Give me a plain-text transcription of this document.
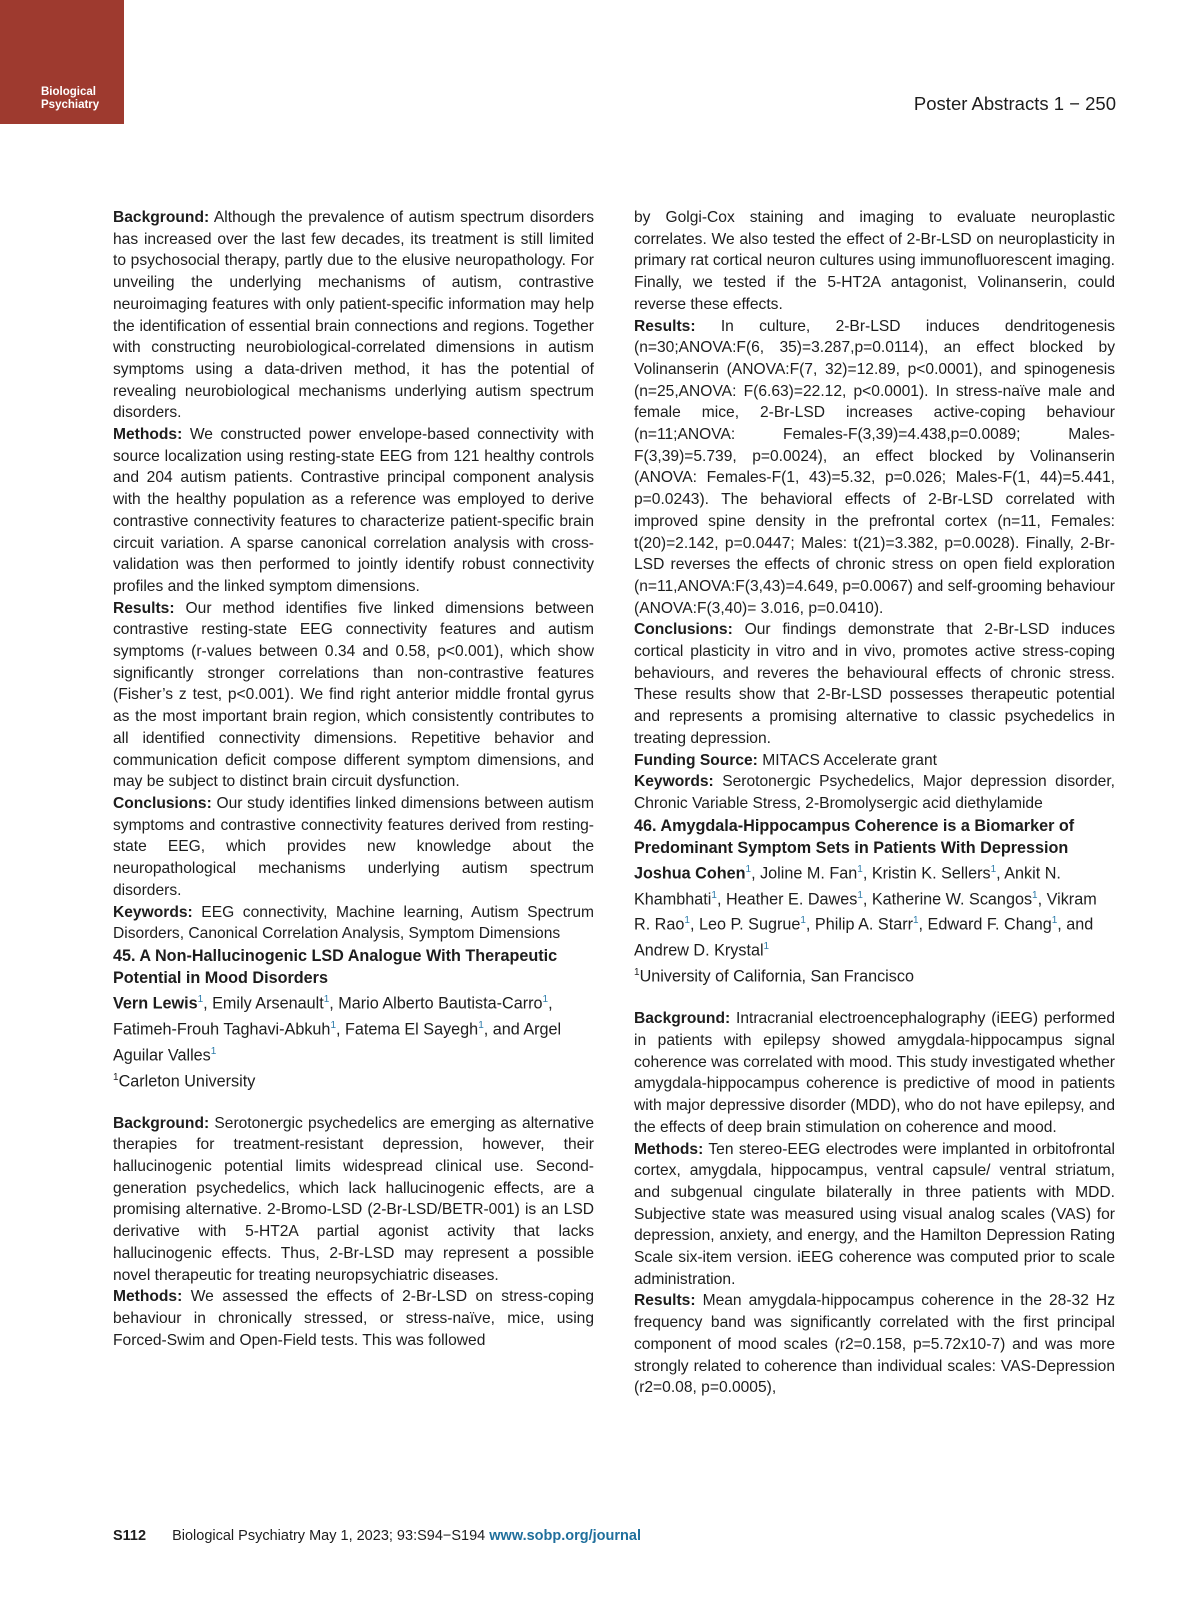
Biological
Psychiatry	Poster Abstracts 1 − 250

Background: Although the prevalence of autism spectrum disorders has increased over the last few decades, its treatment is still limited to psychosocial therapy, partly due to the elusive neuropathology. For unveiling the underlying mechanisms of autism, contrastive neuroimaging features with only patient-specific information may help the identification of essential brain connections and regions. Together with constructing neurobiological-correlated dimensions in autism symptoms using a data-driven method, it has the potential of revealing neurobiological mechanisms underlying autism spectrum disorders.

Methods: We constructed power envelope-based connectivity with source localization using resting-state EEG from 121 healthy controls and 204 autism patients. Contrastive principal component analysis with the healthy population as a reference was employed to derive contrastive connectivity features to characterize patient-specific brain circuit variation. A sparse canonical correlation analysis with cross-validation was then performed to jointly identify robust connectivity profiles and the linked symptom dimensions.

Results: Our method identifies five linked dimensions between contrastive resting-state EEG connectivity features and autism symptoms (r-values between 0.34 and 0.58, p<0.001), which show significantly stronger correlations than non-contrastive features (Fisher’s z test, p<0.001). We find right anterior middle frontal gyrus as the most important brain region, which consistently contributes to all identified connectivity dimensions. Repetitive behavior and communication deficit compose different symptom dimensions, and may be subject to distinct brain circuit dysfunction.

Conclusions: Our study identifies linked dimensions between autism symptoms and contrastive connectivity features derived from resting-state EEG, which provides new knowledge about the neuropathological mechanisms underlying autism spectrum disorders.

Keywords: EEG connectivity, Machine learning, Autism Spectrum Disorders, Canonical Correlation Analysis, Symptom Dimensions

45. A Non-Hallucinogenic LSD Analogue With Therapeutic Potential in Mood Disorders

Vern Lewis$^1$, Emily Arsenault$^1$, Mario Alberto Bautista-Carro$^1$, Fatimeh-Frouh Taghavi-Abkuh$^1$, Fatema El Sayegh$^1$, and Argel Aguilar Valles$^1$

$^1$Carleton University

Background: Serotonergic psychedelics are emerging as alternative therapies for treatment-resistant depression, however, their hallucinogenic potential limits widespread clinical use. Second-generation psychedelics, which lack hallucinogenic effects, are a promising alternative. 2-Bromo-LSD (2-Br-LSD/BETR-001) is an LSD derivative with 5-HT2A partial agonist activity that lacks hallucinogenic effects. Thus, 2-Br-LSD may represent a possible novel therapeutic for treating neuropsychiatric diseases.

Methods: We assessed the effects of 2-Br-LSD on stress-coping behaviour in chronically stressed, or stress-naïve, mice, using Forced-Swim and Open-Field tests. This was followed

by Golgi-Cox staining and imaging to evaluate neuroplastic correlates. We also tested the effect of 2-Br-LSD on neuroplasticity in primary rat cortical neuron cultures using immunofluorescent imaging. Finally, we tested if the 5-HT2A antagonist, Volinanserin, could reverse these effects.

Results: In culture, 2-Br-LSD induces dendritogenesis (n=30;ANOVA:F(6, 35)=3.287,p=0.0114), an effect blocked by Volinanserin (ANOVA:F(7, 32)=12.89, p<0.0001), and spinogenesis (n=25,ANOVA: F(6.63)=22.12, p<0.0001). In stress-naïve male and female mice, 2-Br-LSD increases active-coping behaviour (n=11;ANOVA: Females-F(3,39)=4.438,p=0.0089; Males-F(3,39)=5.739, p=0.0024), an effect blocked by Volinanserin (ANOVA: Females-F(1, 43)=5.32, p=0.026; Males-F(1, 44)=5.441, p=0.0243). The behavioral effects of 2-Br-LSD correlated with improved spine density in the prefrontal cortex (n=11, Females: t(20)=2.142, p=0.0447; Males: t(21)=3.382, p=0.0028). Finally, 2-Br-LSD reverses the effects of chronic stress on open field exploration (n=11,ANOVA:F(3,43)=4.649, p=0.0067) and self-grooming behaviour (ANOVA:F(3,40)= 3.016, p=0.0410).

Conclusions: Our findings demonstrate that 2-Br-LSD induces cortical plasticity in vitro and in vivo, promotes active stress-coping behaviours, and reveres the behavioural effects of chronic stress. These results show that 2-Br-LSD possesses therapeutic potential and represents a promising alternative to classic psychedelics in treating depression.

Funding Source: MITACS Accelerate grant

Keywords: Serotonergic Psychedelics, Major depression disorder, Chronic Variable Stress, 2-Bromolysergic acid diethylamide

46. Amygdala-Hippocampus Coherence is a Biomarker of Predominant Symptom Sets in Patients With Depression

Joshua Cohen$^1$, Joline M. Fan$^1$, Kristin K. Sellers$^1$, Ankit N. Khambhati$^1$, Heather E. Dawes$^1$, Katherine W. Scangos$^1$, Vikram R. Rao$^1$, Leo P. Sugrue$^1$, Philip A. Starr$^1$, Edward F. Chang$^1$, and Andrew D. Krystal$^1$

$^1$University of California, San Francisco

Background: Intracranial electroencephalography (iEEG) performed in patients with epilepsy showed amygdala-hippocampus signal coherence was correlated with mood. This study investigated whether amygdala-hippocampus coherence is predictive of mood in patients with major depressive disorder (MDD), who do not have epilepsy, and the effects of deep brain stimulation on coherence and mood.

Methods: Ten stereo-EEG electrodes were implanted in orbitofrontal cortex, amygdala, hippocampus, ventral capsule/ ventral striatum, and subgenual cingulate bilaterally in three patients with MDD. Subjective state was measured using visual analog scales (VAS) for depression, anxiety, and energy, and the Hamilton Depression Rating Scale six-item version. iEEG coherence was computed prior to scale administration.

Results: Mean amygdala-hippocampus coherence in the 28-32 Hz frequency band was significantly correlated with the first principal component of mood scales (r2=0.158, p=5.72x10-7) and was more strongly related to coherence than individual scales: VAS-Depression (r2=0.08, p=0.0005),

S112 Biological Psychiatry May 1, 2023; 93:S94−S194 www.sobp.org/journal
